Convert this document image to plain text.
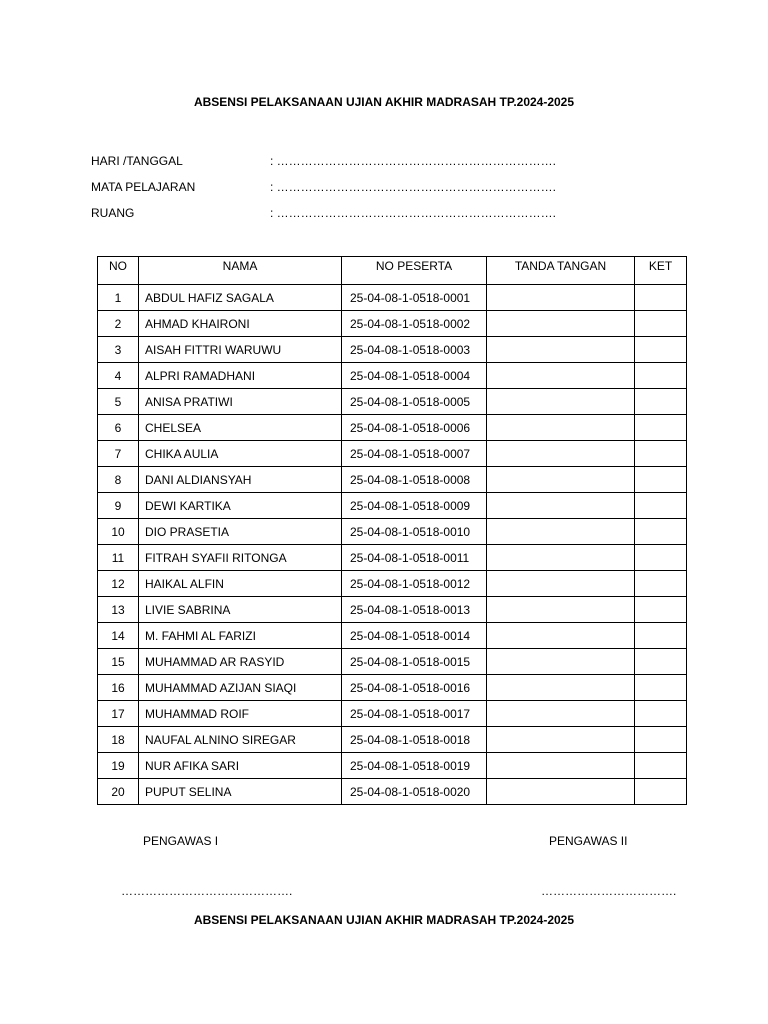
ABSENSI PELAKSANAAN UJIAN AKHIR MADRASAH TP.2024-2025
HARI /TANGGAL	: …………………………………………………………….
MATA PELAJARAN	: …………………………………………………………….
RUANG	: …………………………………………………………….
NO	NAMA	NO PESERTA	TANDA TANGAN	KET
1	ABDUL HAFIZ SAGALA	25-04-08-1-0518-0001		
2	AHMAD KHAIRONI	25-04-08-1-0518-0002		
3	AISAH FITTRI WARUWU	25-04-08-1-0518-0003		
4	ALPRI RAMADHANI	25-04-08-1-0518-0004		
5	ANISA PRATIWI	25-04-08-1-0518-0005		
6	CHELSEA	25-04-08-1-0518-0006		
7	CHIKA AULIA	25-04-08-1-0518-0007		
8	DANI ALDIANSYAH	25-04-08-1-0518-0008		
9	DEWI KARTIKA	25-04-08-1-0518-0009		
10	DIO PRASETIA	25-04-08-1-0518-0010		
11	FITRAH SYAFII RITONGA	25-04-08-1-0518-0011		
12	HAIKAL ALFIN	25-04-08-1-0518-0012		
13	LIVIE SABRINA	25-04-08-1-0518-0013		
14	M. FAHMI AL FARIZI	25-04-08-1-0518-0014		
15	MUHAMMAD AR RASYID	25-04-08-1-0518-0015		
16	MUHAMMAD AZIJAN SIAQI	25-04-08-1-0518-0016		
17	MUHAMMAD ROIF	25-04-08-1-0518-0017		
18	NAUFAL ALNINO SIREGAR	25-04-08-1-0518-0018		
19	NUR AFIKA SARI	25-04-08-1-0518-0019		
20	PUPUT SELINA	25-04-08-1-0518-0020		
PENGAWAS I	PENGAWAS II
…………………………………….	…………………………….
ABSENSI PELAKSANAAN UJIAN AKHIR MADRASAH TP.2024-2025
